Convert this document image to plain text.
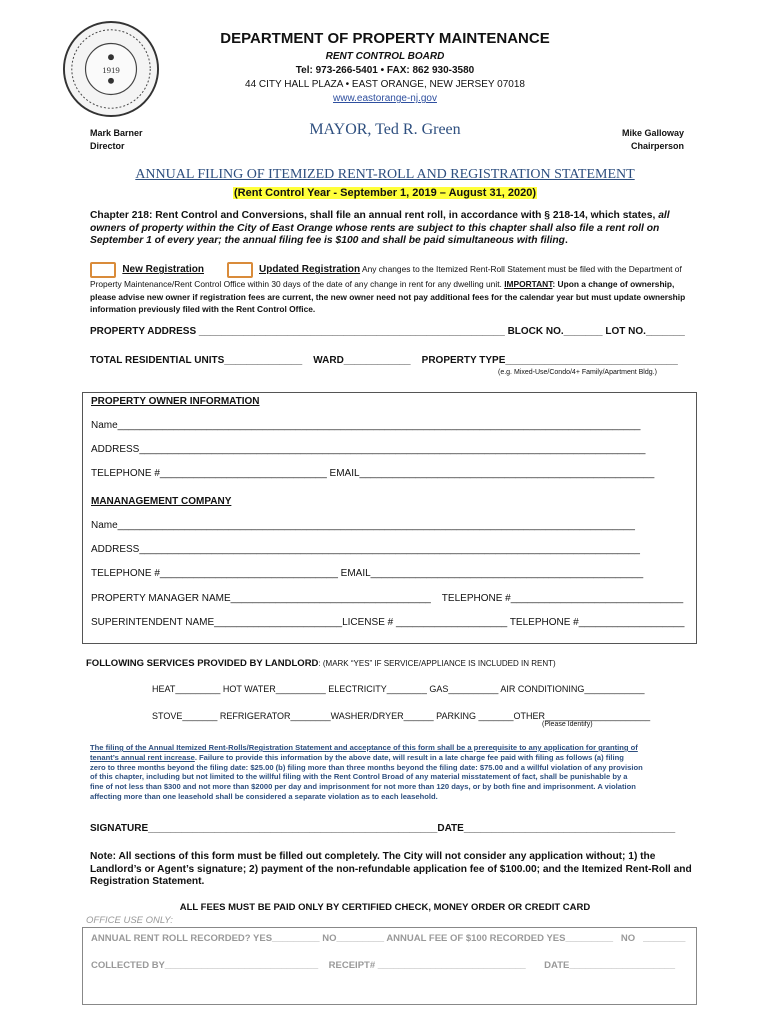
1919
DEPARTMENT OF PROPERTY MAINTENANCE
RENT CONTROL BOARD
Tel: 973-266-5401 • FAX: 862 930-3580
44 CITY HALL PLAZA • EAST ORANGE, NEW JERSEY 07018
www.eastorange-nj.gov
Mark Barner
Director
MAYOR, Ted R. Green	Mike Galloway
Chairperson
ANNUAL FILING OF ITEMIZED RENT-ROLL AND REGISTRATION STATEMENT
(Rent Control Year - September 1, 2019 – August 31, 2020)
Chapter 218: Rent Control and Conversions, shall file an annual rent roll, in accordance with § 218-14, which states, all owners of property within the City of East Orange whose rents are subject to this chapter shall also file a rent roll on September 1 of every year; the annual filing fee is $100 and shall be paid simultaneous with filing.
New Registration	Updated Registration Any changes to the Itemized Rent-Roll Statement must be filed with the Department of
Property Maintenance/Rent Control Office within 30 days of the date of any change in rent for any dwelling unit. IMPORTANT: Upon a change of ownership,
please advise new owner if registration fees are current, the new owner need not pay additional fees for the calendar year but must update ownership
information previously filed with the Rent Control Office.
PROPERTY ADDRESS _______________________________________________________ BLOCK NO._______ LOT NO._______
TOTAL RESIDENTIAL UNITS______________    WARD____________    PROPERTY TYPE_______________________________
(e.g. Mixed-Use/Condo/4+ Family/Apartment Bldg.)
PROPERTY OWNER INFORMATION
Name______________________________________________________________________________________________
ADDRESS___________________________________________________________________________________________
TELEPHONE #______________________________ EMAIL_____________________________________________________
MANANAGEMENT COMPANY
Name_____________________________________________________________________________________________
ADDRESS__________________________________________________________________________________________
TELEPHONE #________________________________ EMAIL_________________________________________________
PROPERTY MANAGER NAME____________________________________    TELEPHONE #_______________________________
SUPERINTENDENT NAME_______________________LICENSE # ____________________ TELEPHONE #___________________
FOLLOWING SERVICES PROVIDED BY LANDLORD: (MARK “YES” IF SERVICE/APPLIANCE IS INCLUDED IN RENT)
HEAT_________ HOT WATER__________ ELECTRICITY________ GAS__________ AIR CONDITIONING____________
STOVE_______ REFRIGERATOR________WASHER/DRYER______ PARKING _______OTHER_____________________
(Please Identify)
The filing of the Annual Itemized Rent-Rolls/Registration Statement and acceptance of this form shall be a prerequisite to any application for granting of
tenant’s annual rent increase. Failure to provide this information by the above date, will result in a late charge fee paid with filing as follows (a) filing
zero to three months beyond the filing date: $25.00 (b) filing more than three months beyond the filing date: $75.00 and a willful violation of any provision
of this chapter, including but not limited to the willful filing with the Rent Control Broad of any material misstatement of fact, shall be punishable by a
fine of not less than $300 and not more than $2000 per day and imprisonment for not more than 120 days, or by both fine and imprisonment. A violation
affecting more than one leasehold shall be considered a separate violation as to each leasehold.
SIGNATURE____________________________________________________DATE______________________________________
Note: All sections of this form must be filled out completely. The City will not consider any application without; 1) the Landlord’s or Agent’s signature; 2) payment of the non-refundable application fee of $100.00; and the Itemized Rent-Roll and Registration Statement.
ALL FEES MUST BE PAID ONLY BY CERTIFIED CHECK, MONEY ORDER OR CREDIT CARD
OFFICE USE ONLY:
ANNUAL RENT ROLL RECORDED? YES_________ NO_________ ANNUAL FEE OF $100 RECORDED YES_________   NO   ________
COLLECTED BY_____________________________    RECEIPT# ____________________________       DATE____________________
